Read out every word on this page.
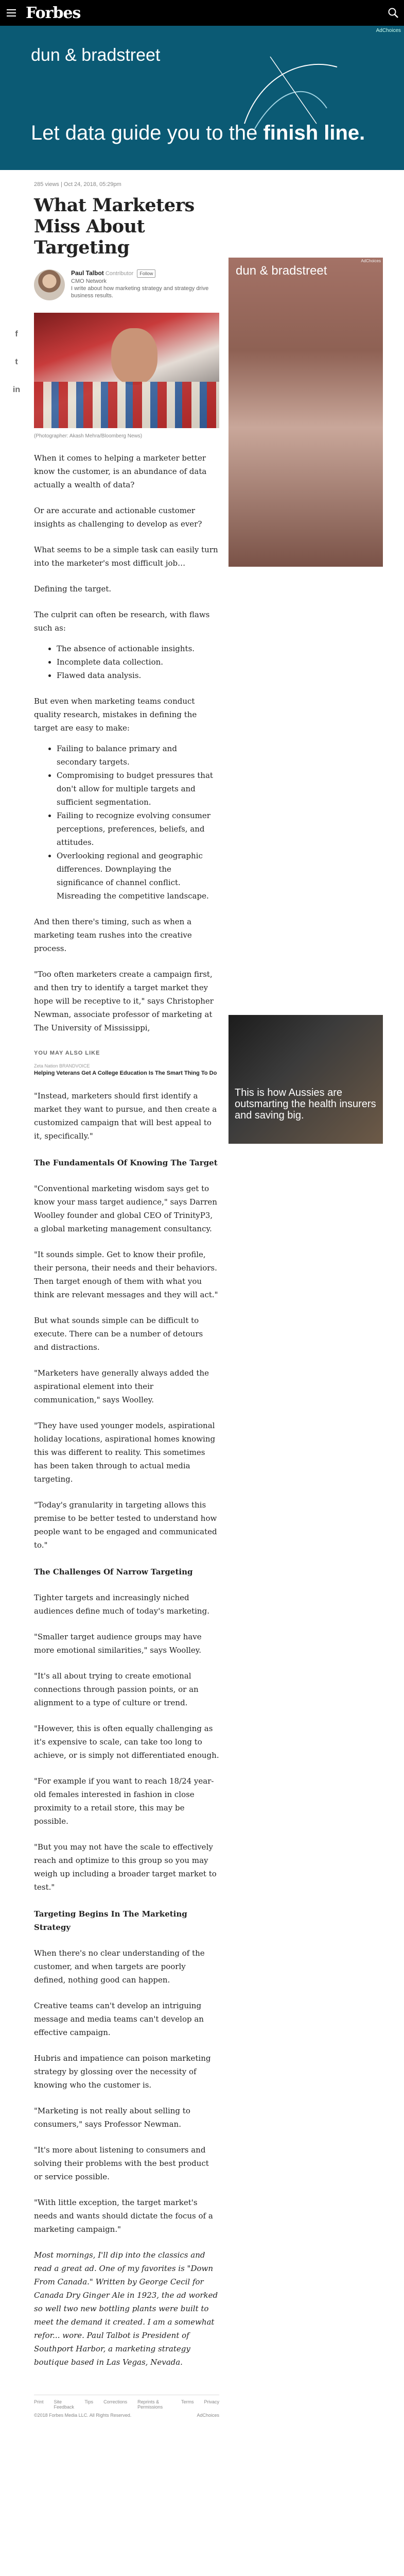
Forbes
AdChoices
dun & bradstreet
Let data guide you to the finish line.
f
t
in
285 views | Oct 24, 2018, 05:29pm
What Marketers Miss About Targeting
Paul Talbot Contributor Follow
CMO Network
I write about how marketing strategy and strategy drive business results.
(Photographer: Akash Mehra/Bloomberg News)

When it comes to helping a marketer better know the customer, is an abundance of data actually a wealth of data?

Or are accurate and actionable customer insights as challenging to develop as ever?

What seems to be a simple task can easily turn into the marketer's most difficult job…

Defining the target.

The culprit can often be research, with flaws such as:

• The absence of actionable insights.
• Incomplete data collection.
• Flawed data analysis.

But even when marketing teams conduct quality research, mistakes in defining the target are easy to make:

• Failing to balance primary and secondary targets.
• Compromising to budget pressures that don't allow for multiple targets and sufficient segmentation.
• Failing to recognize evolving consumer perceptions, preferences, beliefs, and attitudes.
• Overlooking regional and geographic differences. Downplaying the significance of channel conflict. Misreading the competitive landscape.

And then there's timing, such as when a marketing team rushes into the creative process.

"Too often marketers create a campaign first, and then try to identify a target market they hope will be receptive to it," says Christopher Newman, associate professor of marketing at The University of Mississippi,

YOU MAY ALSO LIKE
Zeta Nation BRANDVOICE
Helping Veterans Get A College Education Is The Smart Thing To Do

"Instead, marketers should first identify a market they want to pursue, and then create a customized campaign that will best appeal to it, specifically."

The Fundamentals Of Knowing The Target

"Conventional marketing wisdom says get to know your mass target audience," says Darren Woolley founder and global CEO of TrinityP3, a global marketing management consultancy.

"It sounds simple. Get to know their profile, their persona, their needs and their behaviors. Then target enough of them with what you think are relevant messages and they will act."

But what sounds simple can be difficult to execute. There can be a number of detours and distractions.

"Marketers have generally always added the aspirational element into their communication," says Woolley.

"They have used younger models, aspirational holiday locations, aspirational homes knowing this was different to reality. This sometimes has been taken through to actual media targeting.

"Today's granularity in targeting allows this premise to be better tested to understand how people want to be engaged and communicated to."

The Challenges Of Narrow Targeting

Tighter targets and increasingly niched audiences define much of today's marketing.

"Smaller target audience groups may have more emotional similarities," says Woolley.

"It's all about trying to create emotional connections through passion points, or an alignment to a type of culture or trend.

"However, this is often equally challenging as it's expensive to scale, can take too long to achieve, or is simply not differentiated enough.

"For example if you want to reach 18/24 year-old females interested in fashion in close proximity to a retail store, this may be possible.

"But you may not have the scale to effectively reach and optimize to this group so you may weigh up including a broader target market to test."

Targeting Begins In The Marketing Strategy

When there's no clear understanding of the customer, and when targets are poorly defined, nothing good can happen.

Creative teams can't develop an intriguing message and media teams can't develop an effective campaign.

Hubris and impatience can poison marketing strategy by glossing over the necessity of knowing who the customer is.

"Marketing is not really about selling to consumers," says Professor Newman.

"It's more about listening to consumers and solving their problems with the best product or service possible.

"With little exception, the target market's needs and wants should dictate the focus of a marketing campaign."

Most mornings, I'll dip into the classics and read a great ad. One of my favorites is "Down From Canada." Written by George Cecil for Canada Dry Ginger Ale in 1923, the ad worked so well two new bottling plants were built to meet the demand it created. I am a somewhat refor... wore. Paul Talbot is President of Southport Harbor, a marketing strategy boutique based in Las Vegas, Nevada.

Print Site Feedback
Tips Corrections Reprints & Permissions
Terms Privacy
©2018 Forbes Media LLC. All Rights Reserved.	AdChoices
AdChoices
dun & bradstreet
This is how Aussies are outsmarting the health insurers and saving big.
